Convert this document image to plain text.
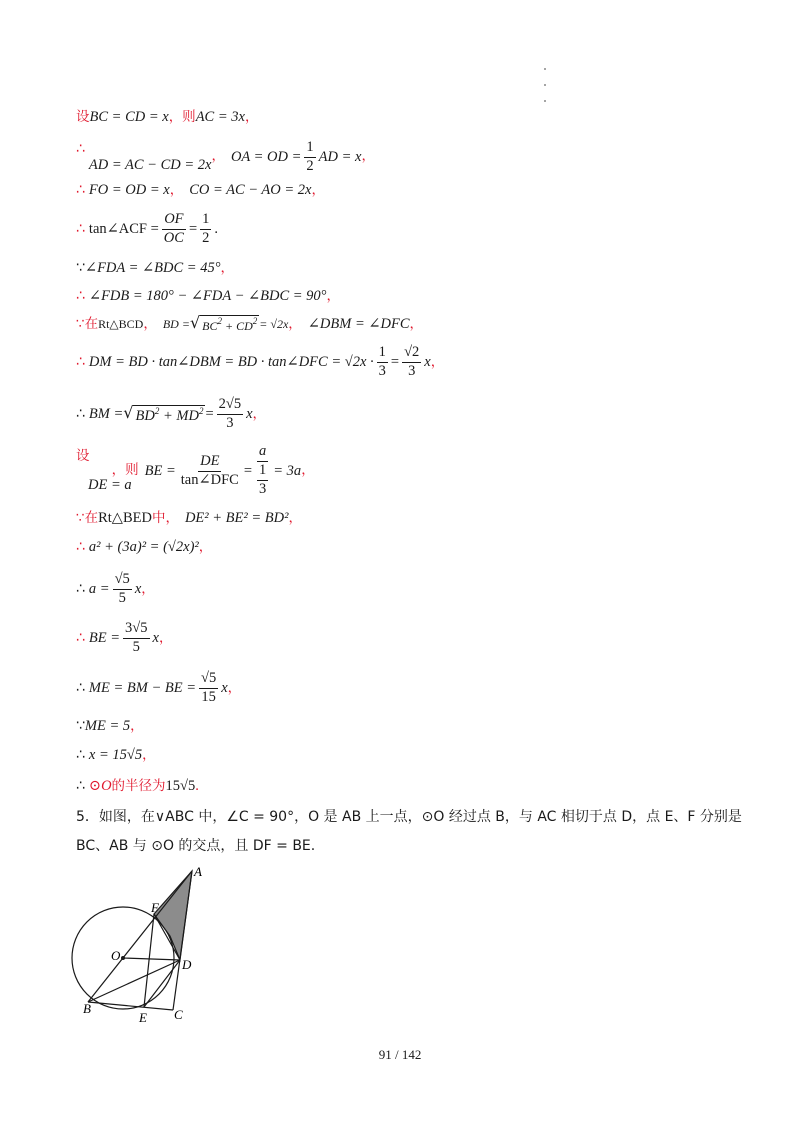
设 BC = CD = x ，则 AC = 3x ，
∴
AD = AC − CD = 2x
， OA = OD = $\frac{1}{2}$ AD = x ，
∴ FO = OD = x ， CO = AC − AO = 2x ，
∴ tan∠ACF = $\frac{OF}{OC} = \frac{1}{2}$ .
∵ ∠FDA = ∠BDC = 45° ，
∴ ∠FDB = 180° − ∠FDA − ∠BDC = 90° ，
∵在 Rt△BCD ， BD = √ $BC^2 + CD^2 = √2x$ ， ∠DBM = ∠DFC ，
∴ DM = BD · tan∠DBM = BD · tan∠DFC = $√2x \cdot \frac{1}{3} = \frac{√2}{3}$ x ，
∴ BM = √ $BD^2 + MD^2 = \frac{2√5}{3}$ x ，
设
DE = a
，则 BE = $\frac{DE}{\text{tan∠DFC}} = \frac{a}{\frac{1}{3}} = 3a$ ，
∵在 Rt△BED 中， DE² + BE² = BD² ，
∴ a² + (3a)² = (√2x)² ，
∴ $a = \frac{√5}{5}$ x ，
∴ BE = $\frac{3√5}{5}$ x ，
∴ ME = BM − BE = $\frac{√5}{15}$ x ，
∵ ME = 5 ，
∴ x = 15√5 ，
∴ ⊙O 的半径为 15√5 .
5．如图，在∨ABC 中，∠C = 90°，O 是 AB 上一点，⊙O 经过点 B，与 AC 相切于点 D，点 E、F 分别是
BC、AB 与 ⊙O 的交点，且 DF = BE.
A
F
O
D
B
E C
91 / 142
